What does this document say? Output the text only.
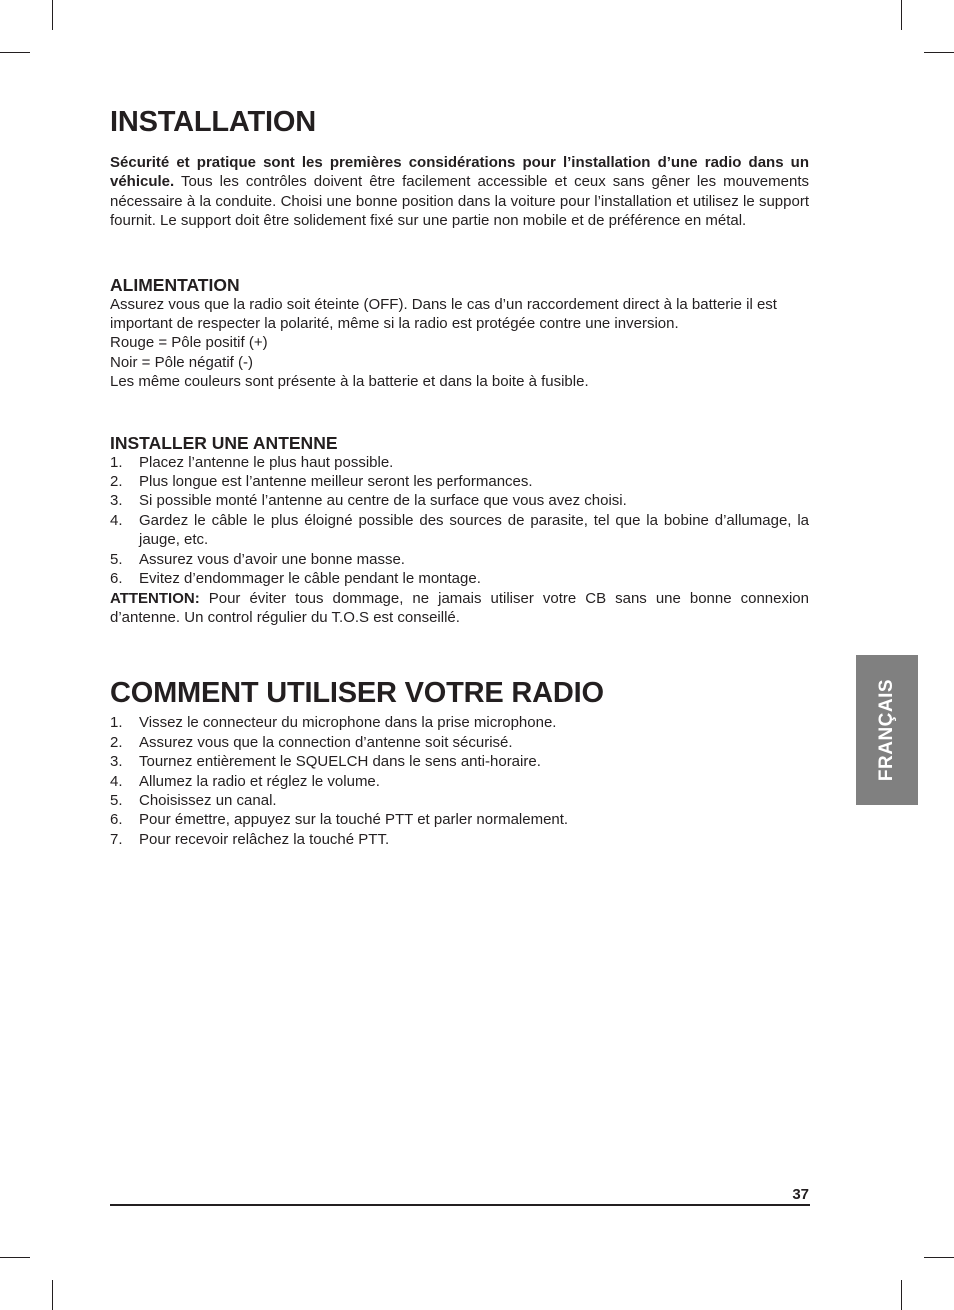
INSTALLATION

Sécurité et pratique sont les premières considérations pour l’installation d’une radio dans un véhicule. Tous les contrôles doivent être facilement accessible et ceux sans gêner les mouvements nécessaire à la conduite. Choisi une bonne position dans la voiture pour l’installation et utilisez le support fournit. Le support doit être solidement fixé sur une partie non mobile et de préférence en métal.

ALIMENTATION

Assurez vous que la radio soit éteinte (OFF). Dans le cas d’un raccordement direct à la batterie il est important de respecter la polarité, même si la radio est protégée contre une inversion.

Rouge = Pôle positif (+)

Noir = Pôle négatif (-)

Les même couleurs sont présente à la batterie et dans la boite à fusible.

INSTALLER UNE ANTENNE
1. Placez l’antenne le plus haut possible.
2. Plus longue est l’antenne meilleur seront les performances.
3. Si possible monté l’antenne au centre de la surface que vous avez choisi.
4. Gardez le câble le plus éloigné possible des sources de parasite, tel que la bobine d’allumage, la jauge, etc.
5. Assurez vous d’avoir une bonne masse.
6. Evitez d’endommager le câble pendant le montage.

ATTENTION: Pour éviter tous dommage, ne jamais utiliser votre CB sans une bonne connexion d’antenne. Un control régulier du T.O.S est conseillé.

COMMENT UTILISER VOTRE RADIO
1. Vissez le connecteur du microphone dans la prise microphone.
2. Assurez vous que la connection d’antenne soit sécurisé.
3. Tournez entièrement le SQUELCH dans le sens anti-horaire.
4. Allumez la radio et réglez le volume.
5. Choisissez un canal.
6. Pour émettre, appuyez sur la touché PTT et parler normalement.
7. Pour recevoir relâchez la touché PTT.
FRANÇAIS
37
